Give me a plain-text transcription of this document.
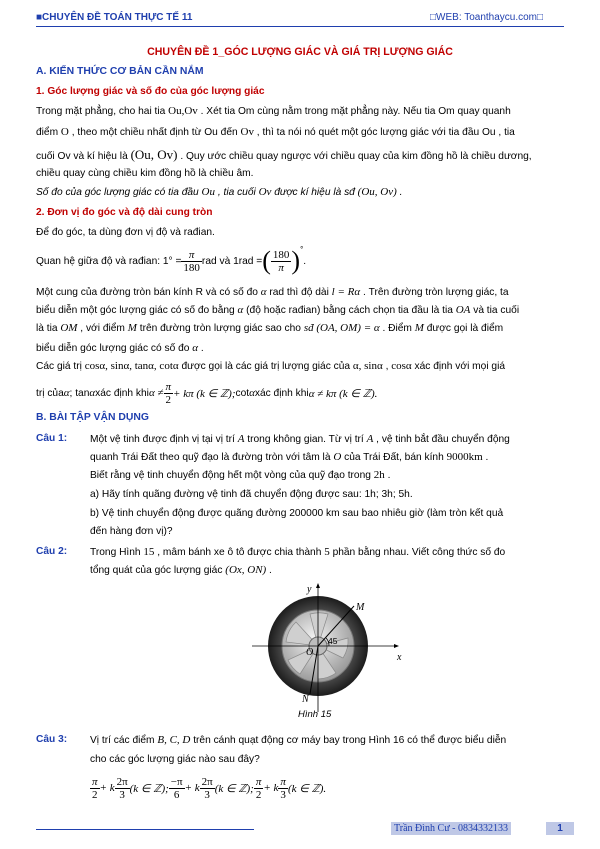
■CHUYÊN ĐỀ TOÁN THỰC TẾ 11	□WEB: Toanthaycu.com□
CHUYÊN ĐỀ 1_GÓC LƯỢNG GIÁC VÀ GIÁ TRỊ LƯỢNG GIÁC
A. KIẾN THỨC CƠ BẢN CẦN NẮM
1. Góc lượng giác và số đo của góc lượng giác
Trong mặt phẳng, cho hai tia Ou,Ov . Xét tia Om cùng nằm trong mặt phẳng này. Nếu tia Om quay quanh
điểm O , theo một chiều nhất định từ Ou đến Ov , thì ta nói nó quét một góc lượng giác với tia đầu Ou , tia
cuối Ov và kí hiệu là (Ou, Ov) . Quy ước chiều quay ngược với chiều quay của kim đồng hồ là chiều dương,
chiều quay cùng chiều kim đồng hồ là chiều âm.
Số đo của góc lượng giác có tia đầu Ou , tia cuối Ov được kí hiệu là sđ (Ou, Ov) .
2. Đơn vị đo góc và độ dài cung tròn
Để đo góc, ta dùng đơn vị độ và rađian.
Quan hệ giữa độ và rađian: $1^\circ = \frac{\pi}{180}$ rad và 1rad = ( $\frac{180}{\pi}$ ) °
.
Một cung của đường tròn bán kính R và có số đo α rad thì độ dài l = Rα . Trên đường tròn lượng giác, ta
biểu diễn một góc lượng giác có số đo bằng α (độ hoặc rađian) bằng cách chọn tia đầu là tia OA và tia cuối
là tia OM , với điểm M trên đường tròn lượng giác sao cho sđ (OA, OM) = α . Điểm M được gọi là điểm
biểu diễn góc lượng giác có số đo α .
Các giá trị cosα, sinα, tanα, cotα được gọi là các giá trị lượng giác của α, sinα , cosα xác định với mọi giá
trị của α ; tan α xác định khi $\alpha \ne \frac{\pi}{2} + k\pi$ (k ∈ ℤ); cot α xác định khi α ≠ kπ (k ∈ ℤ).
B. BÀI TẬP VẬN DỤNG
Câu 1: Một vệ tinh được định vị tại vị trí A trong không gian. Từ vị trí A , vệ tinh bắt đầu chuyển động
quanh Trái Đất theo quỹ đạo là đường tròn với tâm là O của Trái Đất, bán kính 9000km .
Biết rằng vệ tinh chuyển động hết một vòng của quỹ đạo trong 2h .
a) Hãy tính quãng đường vệ tinh đã chuyển động được sau: 1h; 3h; 5h.
b) Vệ tinh chuyển động được quãng đường 200000 km sau bao nhiêu giờ (làm tròn kết quả
đến hàng đơn vị)?
Câu 2: Trong Hình 15 , mâm bánh xe ô tô được chia thành 5 phần bằng nhau. Viết công thức số đo
tổng quát của góc lượng giác (Ox, ON) .
45
y
x
M
N
O
Hình 15
Câu 3: Vị trí các điểm B, C, D trên cánh quạt động cơ máy bay trong Hình 16 có thể được biểu diễn
cho các góc lượng giác nào sau đây?
$\frac{\pi}{2} + k \frac{2\pi}{3} (k$ ∈ ℤ); $\frac{-\pi}{6} + k \frac{2\pi}{3} (k$ ∈ ℤ); $\frac{\pi}{2} + k \frac{\pi}{3} (k$ ∈ ℤ).
Trần Đình Cư - 0834332133	1
